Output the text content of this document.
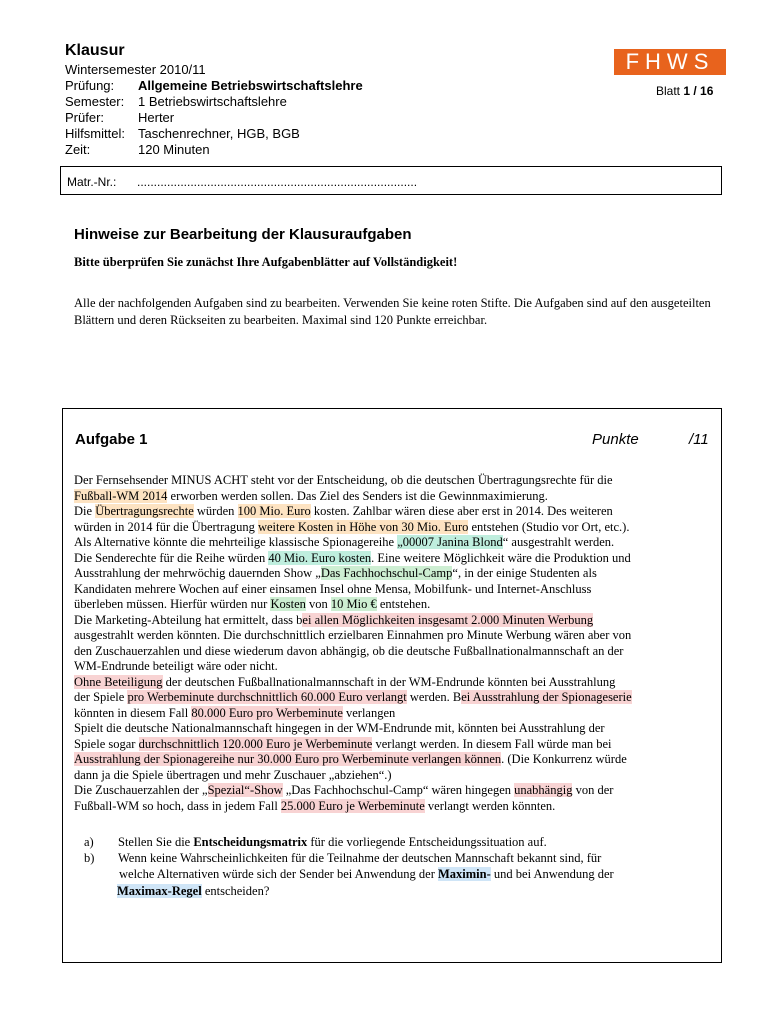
Klausur
Wintersemester 2010/11
Prüfung: Allgemeine Betriebswirtschaftslehre
Semester: 1 Betriebswirtschaftslehre
Prüfer:	Herter
Hilfsmittel: Taschenrechner, HGB, BGB
Zeit:	120 Minuten
FHWS
Blatt 1 / 16
Matr.-Nr.: ....................................................................................
Hinweise zur Bearbeitung der Klausuraufgaben
Bitte überprüfen Sie zunächst Ihre Aufgabenblätter auf Vollständigkeit!
Alle der nachfolgenden Aufgaben sind zu bearbeiten. Verwenden Sie keine roten Stifte. Die Aufgaben sind auf den ausgeteilten Blättern und deren Rückseiten zu bearbeiten. Maximal sind 120 Punkte erreichbar.
Aufgabe 1	Punkte	/11
Der Fernsehsender MINUS ACHT steht vor der Entscheidung, ob die deutschen Übertragungsrechte für die
Fußball-WM 2014 erworben werden sollen. Das Ziel des Senders ist die Gewinnmaximierung.
Die Übertragungsrechte würden 100 Mio. Euro kosten. Zahlbar wären diese aber erst in 2014. Des weiteren
würden in 2014 für die Übertragung weitere Kosten in Höhe von 30 Mio. Euro entstehen (Studio vor Ort, etc.).
Als Alternative könnte die mehrteilige klassische Spionagereihe „00007 Janina Blond“ ausgestrahlt werden.
Die Senderechte für die Reihe würden 40 Mio. Euro kosten. Eine weitere Möglichkeit wäre die Produktion und
Ausstrahlung der mehrwöchig dauernden Show „Das Fachhochschul-Camp“, in der einige Studenten als
Kandidaten mehrere Wochen auf einer einsamen Insel ohne Mensa, Mobilfunk- und Internet-Anschluss
überleben müssen. Hierfür würden nur Kosten von 10 Mio € entstehen.
Die Marketing-Abteilung hat ermittelt, dass bei allen Möglichkeiten insgesamt 2.000 Minuten Werbung
ausgestrahlt werden könnten. Die durchschnittlich erzielbaren Einnahmen pro Minute Werbung wären aber von
den Zuschauerzahlen und diese wiederum davon abhängig, ob die deutsche Fußballnationalmannschaft an der
WM-Endrunde beteiligt wäre oder nicht.
Ohne Beteiligung der deutschen Fußballnationalmannschaft in der WM-Endrunde könnten bei Ausstrahlung
der Spiele pro Werbeminute durchschnittlich 60.000 Euro verlangt werden. Bei Ausstrahlung der Spionageserie
könnten in diesem Fall 80.000 Euro pro Werbeminute verlangen
Spielt die deutsche Nationalmannschaft hingegen in der WM-Endrunde mit, könnten bei Ausstrahlung der
Spiele sogar durchschnittlich 120.000 Euro je Werbeminute verlangt werden. In diesem Fall würde man bei
Ausstrahlung der Spionagereihe nur 30.000 Euro pro Werbeminute verlangen können. (Die Konkurrenz würde
dann ja die Spiele übertragen und mehr Zuschauer „abziehen“.)
Die Zuschauerzahlen der „Spezial“-Show „Das Fachhochschul-Camp“ wären hingegen unabhängig von der
Fußball-WM so hoch, dass in jedem Fall 25.000 Euro je Werbeminute verlangt werden könnten.
a) Stellen Sie die Entscheidungsmatrix für die vorliegende Entscheidungssituation auf.
b) Wenn keine Wahrscheinlichkeiten für die Teilnahme der deutschen Mannschaft bekannt sind, für
welche Alternativen würde sich der Sender bei Anwendung der Maximin- und bei Anwendung der
Maximax-Regel entscheiden?
